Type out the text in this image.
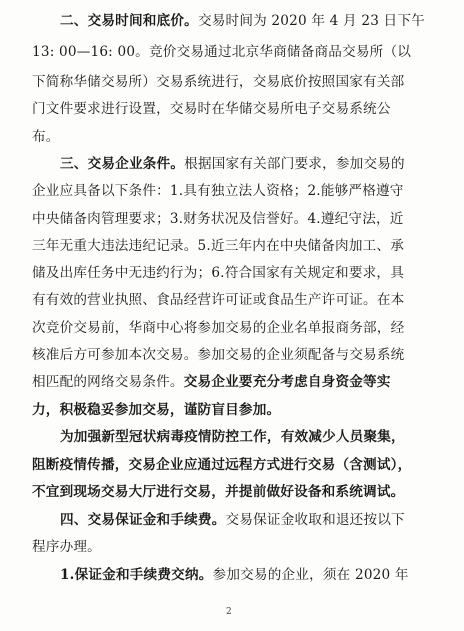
二、交易时间和底价。交易时间为 2020 年 4 月 23 日下午
13: 00—16: 00。竞价交易通过北京华商储备商品交易所（以
下简称华储交易所）交易系统进行，交易底价按照国家有关部
门文件要求进行设置，交易时在华储交易所电子交易系统公
布。
三、交易企业条件。根据国家有关部门要求，参加交易的
企业应具备以下条件：1.具有独立法人资格；2.能够严格遵守
中央储备肉管理要求；3.财务状况及信誉好。4.遵纪守法，近
三年无重大违法违纪记录。5.近三年内在中央储备肉加工、承
储及出库任务中无违约行为；6.符合国家有关规定和要求，具
有有效的营业执照、食品经营许可证或食品生产许可证。在本
次竞价交易前，华商中心将参加交易的企业名单报商务部，经
核准后方可参加本次交易。参加交易的企业须配备与交易系统
相匹配的网络交易条件。交易企业要充分考虑自身资金等实
力，积极稳妥参加交易，谨防盲目参加。
为加强新型冠状病毒疫情防控工作，有效减少人员聚集，
阻断疫情传播，交易企业应通过远程方式进行交易（含测试），
不宜到现场交易大厅进行交易，并提前做好设备和系统调试。
四、交易保证金和手续费。交易保证金收取和退还按以下
程序办理。
1.保证金和手续费交纳。参加交易的企业，须在 2020 年
2
